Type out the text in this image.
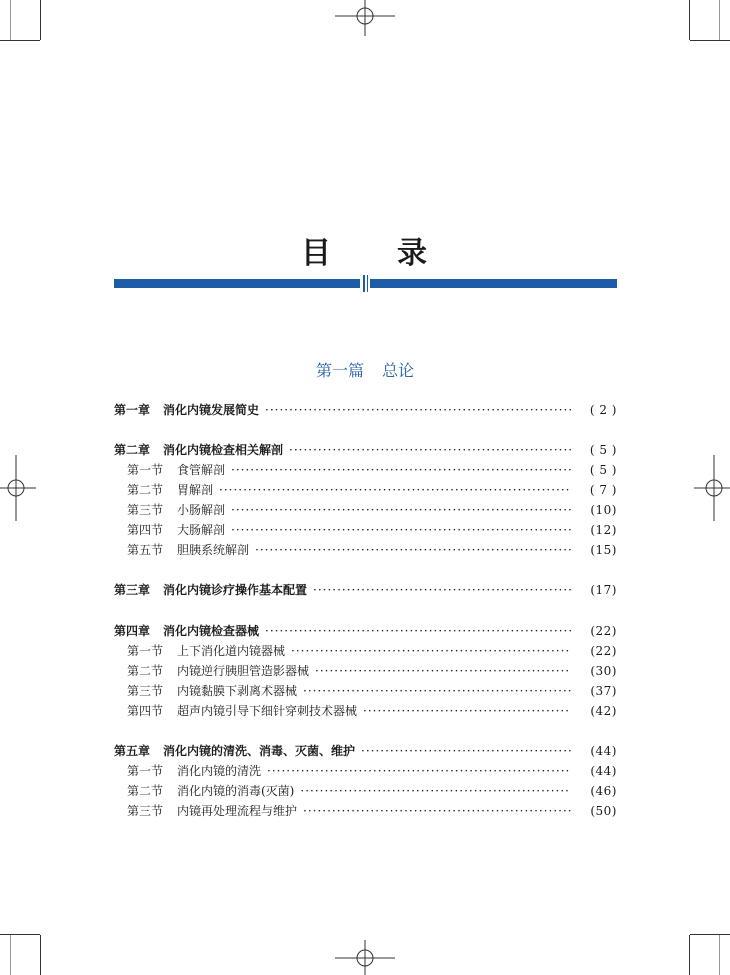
目 录
第一篇 总论
第一章	消化内镜发展简史 ·····	( 2 )
第二章	消化内镜检查相关解剖 ·····	( 5 )
第一节	食管解剖 ·····	( 5 )
第二节	胃解剖 ·····	( 7 )
第三节	小肠解剖 ·····	(10)
第四节	大肠解剖 ·····	(12)
第五节	胆胰系统解剖 ·····	(15)
第三章	消化内镜诊疗操作基本配置 ·····	(17)
第四章	消化内镜检查器械 ·····	(22)
第一节	上下消化道内镜器械 ·····	(22)
第二节	内镜逆行胰胆管造影器械 ·····	(30)
第三节	内镜黏膜下剥离术器械 ·····	(37)
第四节	超声内镜引导下细针穿刺技术器械 ·····	(42)
第五章	消化内镜的清洗、消毒、灭菌、维护 ·····	(44)
第一节	消化内镜的清洗 ·····	(44)
第二节	消化内镜的消毒(灭菌) ·····	(46)
第三节	内镜再处理流程与维护 ·····	(50)
